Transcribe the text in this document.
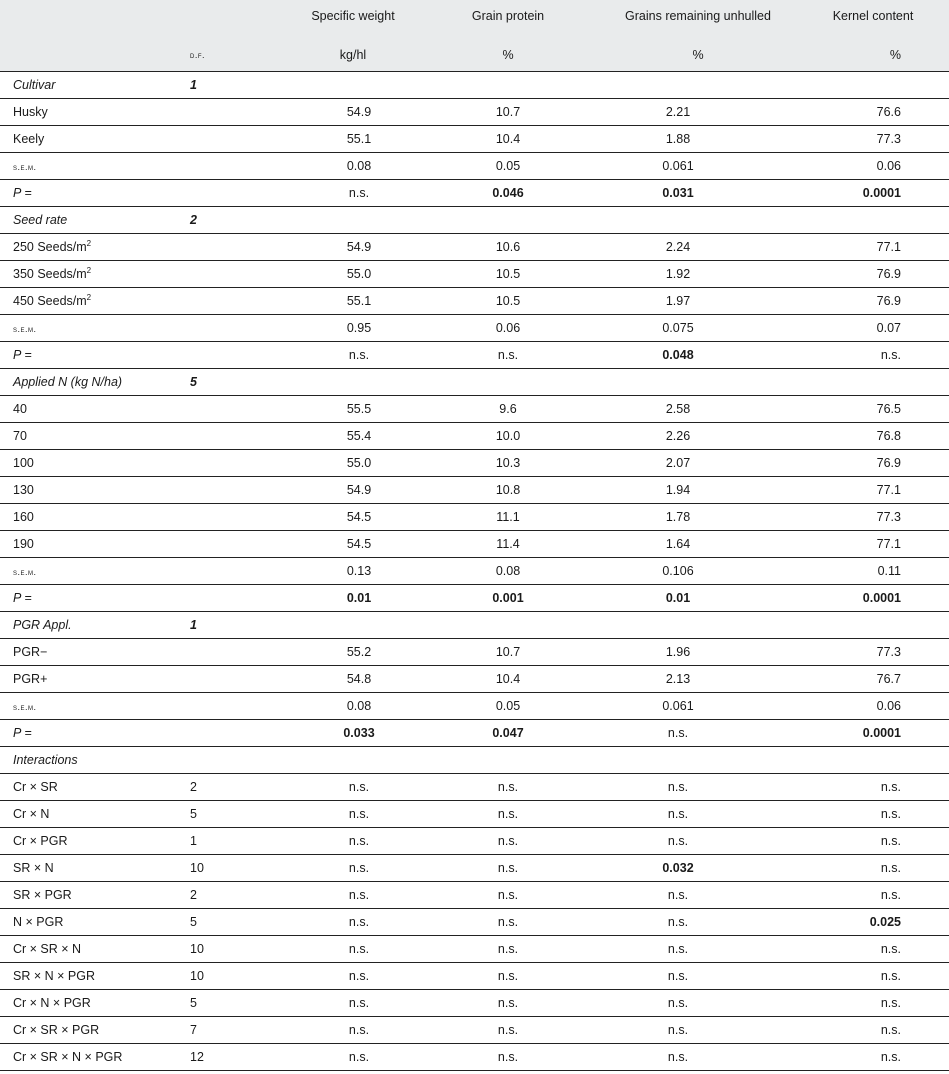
		Specific weight	Grain protein	Grains remaining unhulled	Kernel content
	d.f.	kg/hl	%	%	%
Cultivar	1				
Husky		54.9	10.7	2.21	76.6
Keely		55.1	10.4	1.88	77.3
s.e.m.		0.08	0.05	0.061	0.06
P =		n.s.	0.046	0.031	0.0001
Seed rate	2				
250 Seeds/$m^2$		54.9	10.6	2.24	77.1
350 Seeds/$m^2$		55.0	10.5	1.92	76.9
450 Seeds/$m^2$		55.1	10.5	1.97	76.9
s.e.m.		0.95	0.06	0.075	0.07
P =		n.s.	n.s.	0.048	n.s.
Applied N (kg N/ha)	5				
40		55.5	9.6	2.58	76.5
70		55.4	10.0	2.26	76.8
100		55.0	10.3	2.07	76.9
130		54.9	10.8	1.94	77.1
160		54.5	11.1	1.78	77.3
190		54.5	11.4	1.64	77.1
s.e.m.		0.13	0.08	0.106	0.11
P =		0.01	0.001	0.01	0.0001
PGR Appl.	1				
PGR−		55.2	10.7	1.96	77.3
PGR+		54.8	10.4	2.13	76.7
s.e.m.		0.08	0.05	0.061	0.06
P =		0.033	0.047	n.s.	0.0001
Interactions					
Cr × SR	2	n.s.	n.s.	n.s.	n.s.
Cr × N	5	n.s.	n.s.	n.s.	n.s.
Cr × PGR	1	n.s.	n.s.	n.s.	n.s.
SR × N	10	n.s.	n.s.	0.032	n.s.
SR × PGR	2	n.s.	n.s.	n.s.	n.s.
N × PGR	5	n.s.	n.s.	n.s.	0.025
Cr × SR × N	10	n.s.	n.s.	n.s.	n.s.
SR × N × PGR	10	n.s.	n.s.	n.s.	n.s.
Cr × N × PGR	5	n.s.	n.s.	n.s.	n.s.
Cr × SR × PGR	7	n.s.	n.s.	n.s.	n.s.
Cr × SR × N × PGR	12	n.s.	n.s.	n.s.	n.s.
